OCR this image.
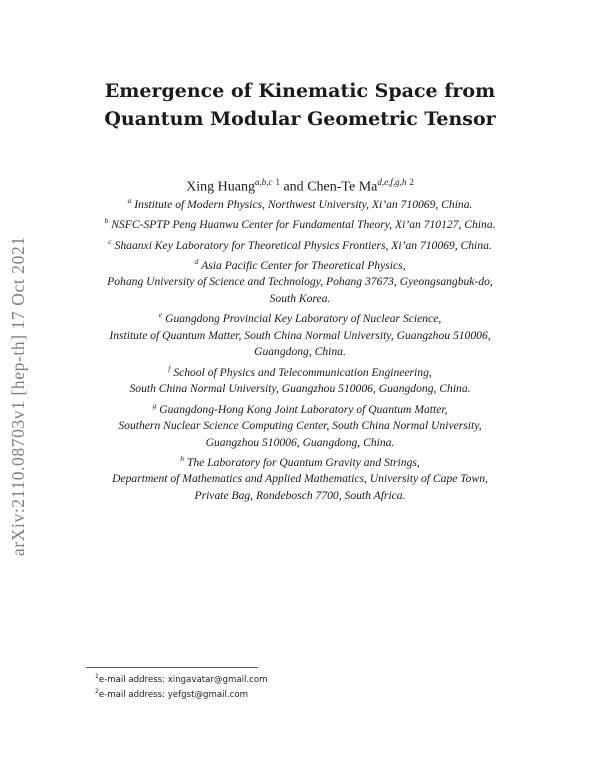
arXiv:2110.08703v1 [hep-th] 17 Oct 2021
Emergence of Kinematic Space from
Quantum Modular Geometric Tensor
Xing Huang$^{a,b,c}$ $^1$ and Chen-Te Ma$^{d,e,f,g,h}$ $^2$
$^a$ Institute of Modern Physics, Northwest University, Xi’an 710069, China.
$^b$ NSFC-SPTP Peng Huanwu Center for Fundamental Theory, Xi’an 710127, China.
$^c$ Shaanxi Key Laboratory for Theoretical Physics Frontiers, Xi’an 710069, China.
$^d$ Asia Pacific Center for Theoretical Physics,
Pohang University of Science and Technology, Pohang 37673, Gyeongsangbuk-do,
South Korea.
$^e$ Guangdong Provincial Key Laboratory of Nuclear Science,
Institute of Quantum Matter, South China Normal University, Guangzhou 510006,
Guangdong, China.
$^f$ School of Physics and Telecommunication Engineering,
South China Normal University, Guangzhou 510006, Guangdong, China.
$^g$ Guangdong-Hong Kong Joint Laboratory of Quantum Matter,
Southern Nuclear Science Computing Center, South China Normal University,
Guangzhou 510006, Guangdong, China.
$^h$ The Laboratory for Quantum Gravity and Strings,
Department of Mathematics and Applied Mathematics, University of Cape Town,
Private Bag, Rondebosch 7700, South Africa.
$^1$e-mail address: xingavatar@gmail.com
$^2$e-mail address: yefgst@gmail.com
